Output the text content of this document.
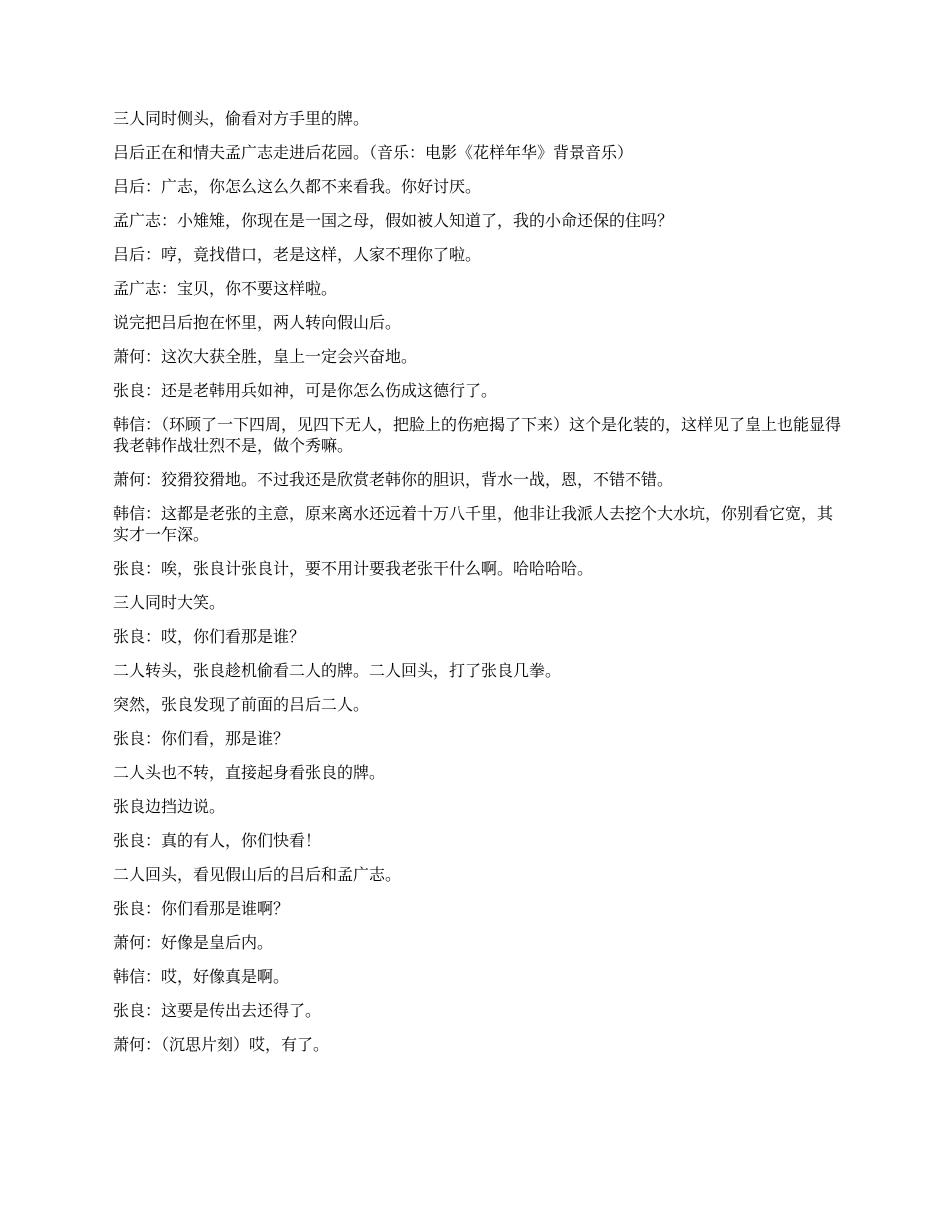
三人同时侧头，偷看对方手里的牌。

吕后正在和情夫孟广志走进后花园。（音乐：电影《花样年华》背景音乐）

吕后：广志，你怎么这么久都不来看我。你好讨厌。

孟广志：小雉雉，你现在是一国之母，假如被人知道了，我的小命还保的住吗？

吕后：哼，竟找借口，老是这样，人家不理你了啦。

孟广志：宝贝，你不要这样啦。

说完把吕后抱在怀里，两人转向假山后。

萧何：这次大获全胜，皇上一定会兴奋地。

张良：还是老韩用兵如神，可是你怎么伤成这德行了。

韩信：（环顾了一下四周，见四下无人，把脸上的伤疤揭了下来）这个是化装的，这样见了皇上也能显得我老韩作战壮烈不是，做个秀嘛。

萧何：狡猾狡猾地。不过我还是欣赏老韩你的胆识，背水一战，恩，不错不错。

韩信：这都是老张的主意，原来离水还远着十万八千里，他非让我派人去挖个大水坑，你别看它宽，其实才一乍深。

张良：唉，张良计张良计，要不用计要我老张干什么啊。哈哈哈哈。

三人同时大笑。

张良：哎，你们看那是谁？

二人转头，张良趁机偷看二人的牌。二人回头，打了张良几拳。

突然，张良发现了前面的吕后二人。

张良：你们看，那是谁？

二人头也不转，直接起身看张良的牌。

张良边挡边说。

张良：真的有人，你们快看！

二人回头，看见假山后的吕后和孟广志。

张良：你们看那是谁啊？

萧何：好像是皇后内。

韩信：哎，好像真是啊。

张良：这要是传出去还得了。

萧何：（沉思片刻）哎，有了。
